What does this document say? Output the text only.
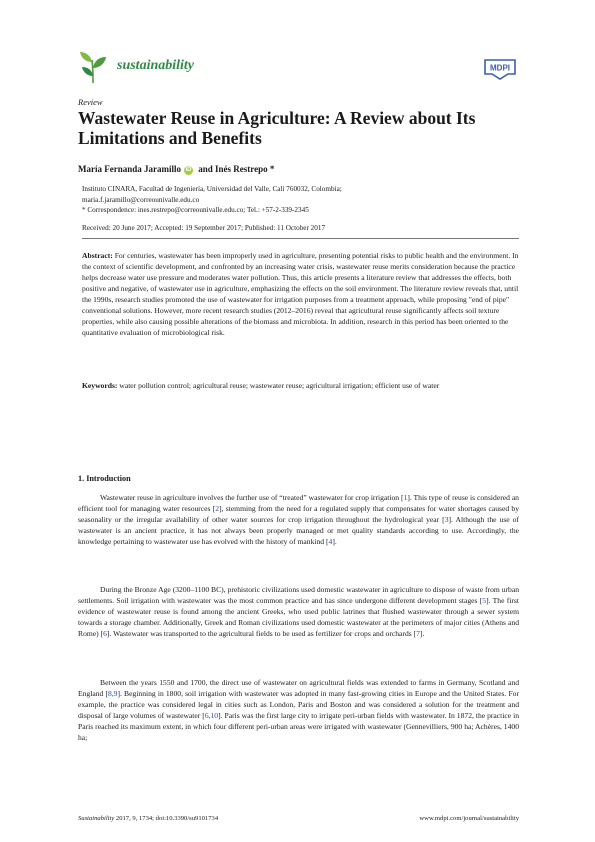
sustainability	MDPI
Review
Wastewater Reuse in Agriculture: A Review about Its Limitations and Benefits
María Fernanda Jaramillo iD and Inés Restrepo *
Instituto CINARA, Facultad de Ingeniería, Universidad del Valle, Cali 760032, Colombia;
maria.f.jaramillo@correounivalle.edu.co
* Correspondence: ines.restrepo@correounivalle.edu.co; Tel.: +57-2-339-2345
Received: 20 June 2017; Accepted: 19 September 2017; Published: 11 October 2017

Abstract: For centuries, wastewater has been improperly used in agriculture, presenting potential risks to public health and the environment. In the context of scientific development, and confronted by an increasing water crisis, wastewater reuse merits consideration because the practice helps decrease water use pressure and moderates water pollution. Thus, this article presents a literature review that addresses the effects, both positive and negative, of wastewater use in agriculture, emphasizing the effects on the soil environment. The literature review reveals that, until the 1990s, research studies promoted the use of wastewater for irrigation purposes from a treatment approach, while proposing "end of pipe" conventional solutions. However, more recent research studies (2012–2016) reveal that agricultural reuse significantly affects soil texture properties, while also causing possible alterations of the biomass and microbiota. In addition, research in this period has been oriented to the quantitative evaluation of microbiological risk.

Keywords: water pollution control; agricultural reuse; wastewater reuse; agricultural irrigation; efficient use of water

1. Introduction

Wastewater reuse in agriculture involves the further use of “treated” wastewater for crop irrigation [1]. This type of reuse is considered an efficient tool for managing water resources [2], stemming from the need for a regulated supply that compensates for water shortages caused by seasonality or the irregular availability of other water sources for crop irrigation throughout the hydrological year [3]. Although the use of wastewater is an ancient practice, it has not always been properly managed or met quality standards according to use. Accordingly, the knowledge pertaining to wastewater use has evolved with the history of mankind [4].

During the Bronze Age (3200–1100 BC), prehistoric civilizations used domestic wastewater in agriculture to dispose of waste from urban settlements. Soil irrigation with wastewater was the most common practice and has since undergone different development stages [5]. The first evidence of wastewater reuse is found among the ancient Greeks, who used public latrines that flushed wastewater through a sewer system towards a storage chamber. Additionally, Greek and Roman civilizations used domestic wastewater at the perimeters of major cities (Athens and Rome) [6]. Wastewater was transported to the agricultural fields to be used as fertilizer for crops and orchards [7].

Between the years 1550 and 1700, the direct use of wastewater on agricultural fields was extended to farms in Germany, Scotland and England [8,9]. Beginning in 1800, soil irrigation with wastewater was adopted in many fast-growing cities in Europe and the United States. For example, the practice was considered legal in cities such as London, Paris and Boston and was considered a solution for the treatment and disposal of large volumes of wastewater [6,10]. Paris was the first large city to irrigate peri-urban fields with wastewater. In 1872, the practice in Paris reached its maximum extent, in which four different peri-urban areas were irrigated with wastewater (Gennevilliers, 900 ha; Achères, 1400 ha;

Sustainability 2017, 9, 1734; doi:10.3390/su9101734	www.mdpi.com/journal/sustainability
